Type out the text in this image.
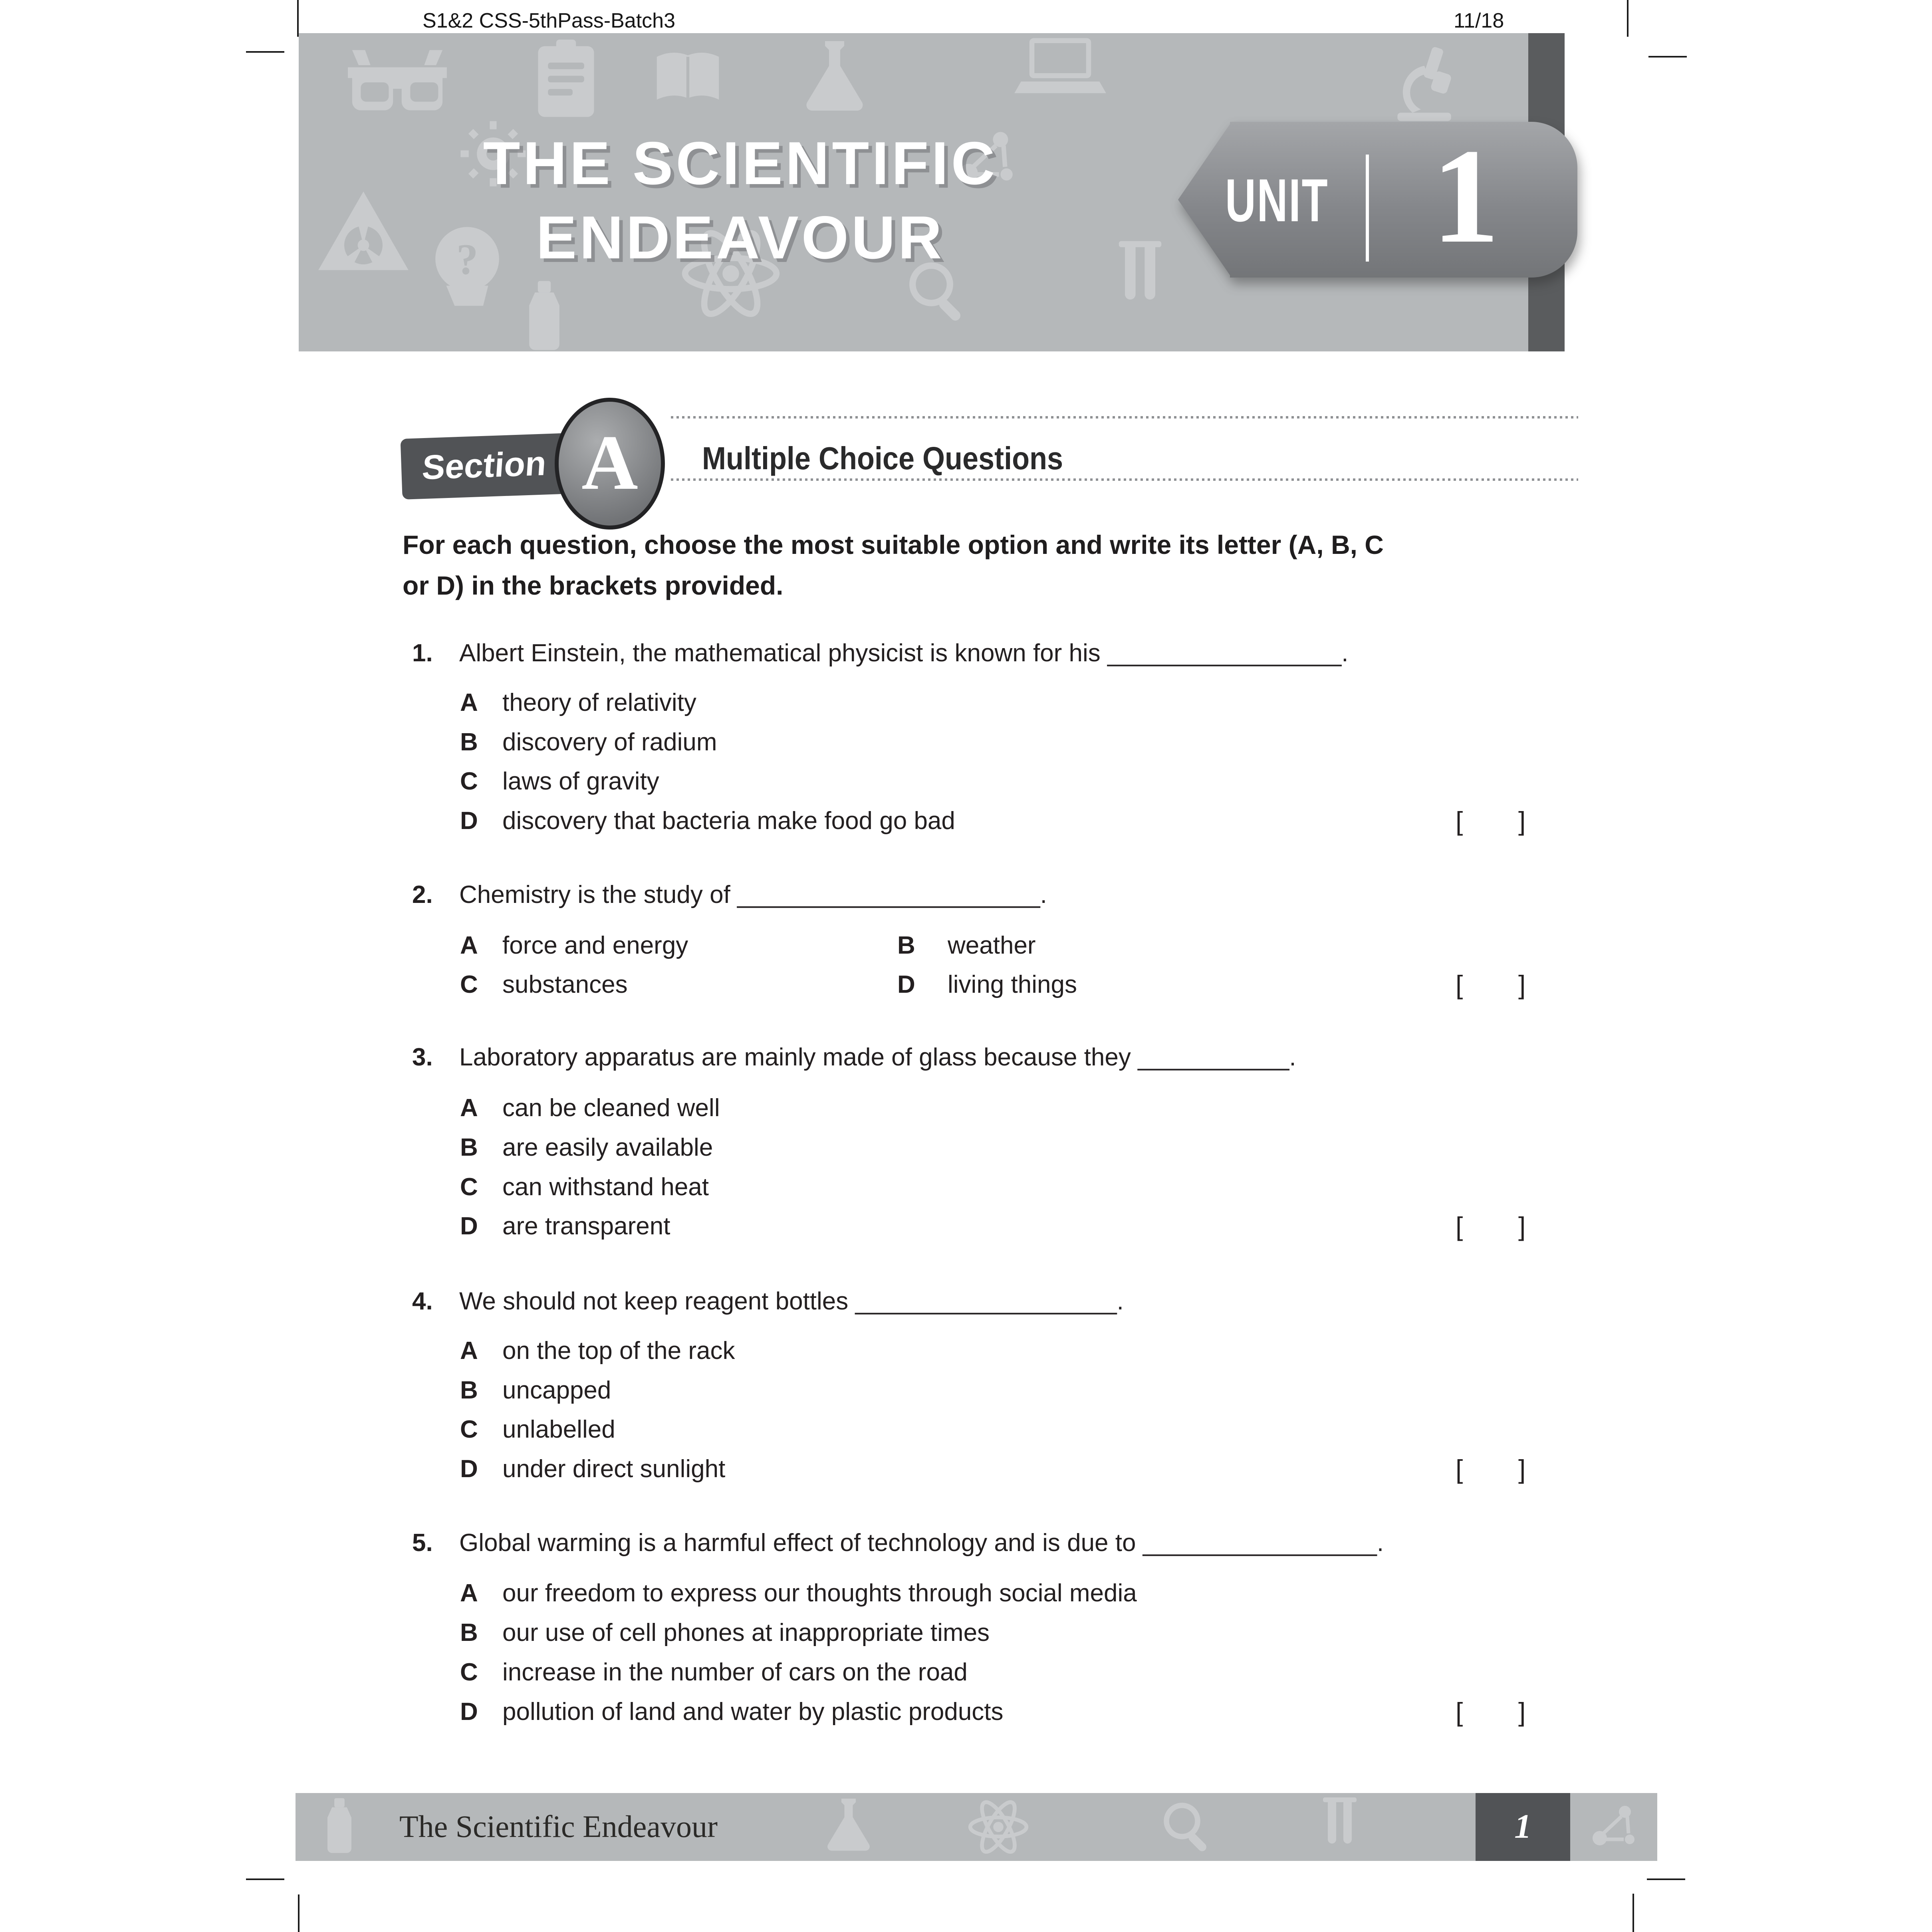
S1&2 CSS-5thPass-Batch3	11/18
?
THE SCIENTIFIC
ENDEAVOUR
UNIT 1
Section A	Multiple Choice Questions
For each question, choose the most suitable option and write its letter (A, B, C
or D) in the brackets provided.
1. Albert Einstein, the mathematical physicist is known for his _________________.
A theory of relativity
B discovery of radium
C laws of gravity
D discovery that bacteria make food go bad	[ ]
2. Chemistry is the study of ______________________.
A force and energy	B weather
C substances	D living things	[ ]
3. Laboratory apparatus are mainly made of glass because they ___________.
A can be cleaned well
B are easily available
C can withstand heat
D are transparent	[ ]
4. We should not keep reagent bottles ___________________.
A on the top of the rack
B uncapped
C unlabelled
D under direct sunlight	[ ]
5. Global warming is a harmful effect of technology and is due to _________________.
A our freedom to express our thoughts through social media
B our use of cell phones at inappropriate times
C increase in the number of cars on the road
D pollution of land and water by plastic products	[ ]
The Scientific Endeavour	1
